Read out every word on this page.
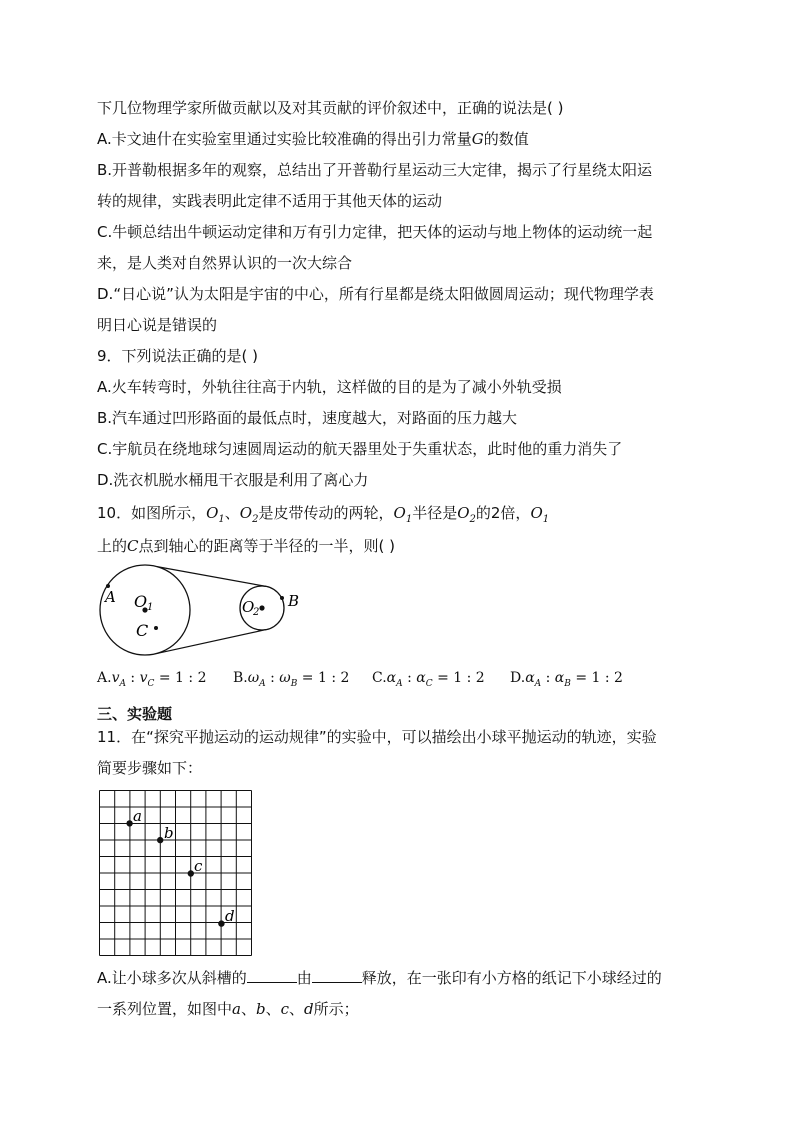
下几位物理学家所做贡献以及对其贡献的评价叙述中，正确的说法是( )
A.卡文迪什在实验室里通过实验比较准确的得出引力常量G的数值
B.开普勒根据多年的观察，总结出了开普勒行星运动三大定律，揭示了行星绕太阳运
转的规律，实践表明此定律不适用于其他天体的运动
C.牛顿总结出牛顿运动定律和万有引力定律，把天体的运动与地上物体的运动统一起
来，是人类对自然界认识的一次大综合
D.“日心说”认为太阳是宇宙的中心，所有行星都是绕太阳做圆周运动；现代物理学表
明日心说是错误的
9．下列说法正确的是( )
A.火车转弯时，外轨往往高于内轨，这样做的目的是为了减小外轨受损
B.汽车通过凹形路面的最低点时，速度越大，对路面的压力越大
C.宇航员在绕地球匀速圆周运动的航天器里处于失重状态，此时他的重力消失了
D.洗衣机脱水桶甩干衣服是利用了离心力
10．如图所示，$O_1$、$O_2$是皮带传动的两轮，$O_1$半径是$O_2$的2倍，$O_1$
上的C点到轴心的距离等于半径的一半，则( )
A O 1
C
O
2
B
$A.v_A$ : $v_C = 1$ : 2 $B.\omega_A$ : $\omega_B = 1$ : 2 $C.\alpha_A$ : $\alpha_C = 1$ : 2 $D.\alpha_A$ : $\alpha_B = 1$ : 2
三、实验题
11．在“探究平抛运动的运动规律”的实验中，可以描绘出小球平抛运动的轨迹，实验
简要步骤如下：
a
b
c
d
A.让小球多次从斜槽的	由	释放，在一张印有小方格的纸记下小球经过的
一系列位置，如图中a、b、c、d所示；
